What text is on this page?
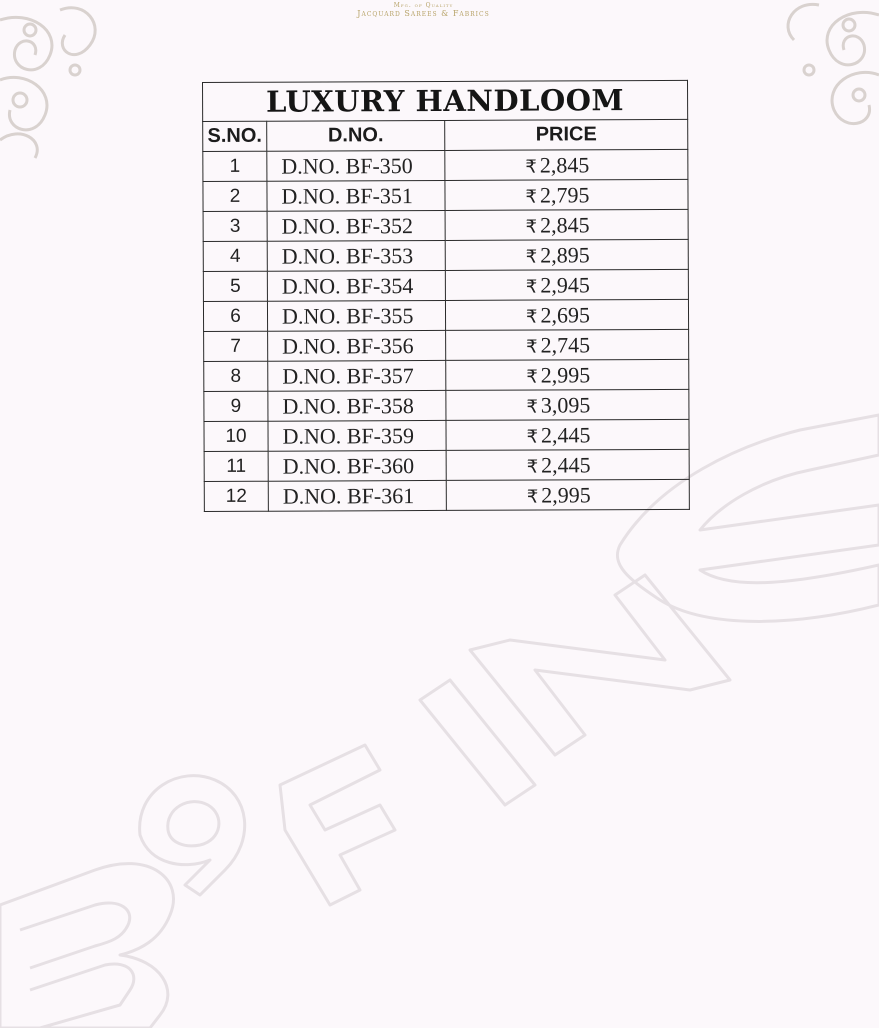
Mfg. of Quality
Jacquard Sarees & Fabrics
LUXURY HANDLOOM		
S.NO.	D.NO.	PRICE
1	D.NO. BF-350	₹ 2,845
2	D.NO. BF-351	₹ 2,795
3	D.NO. BF-352	₹ 2,845
4	D.NO. BF-353	₹ 2,895
5	D.NO. BF-354	₹ 2,945
6	D.NO. BF-355	₹ 2,695
7	D.NO. BF-356	₹ 2,745
8	D.NO. BF-357	₹ 2,995
9	D.NO. BF-358	₹ 3,095
10	D.NO. BF-359	₹ 2,445
11	D.NO. BF-360	₹ 2,445
12	D.NO. BF-361	₹ 2,995
